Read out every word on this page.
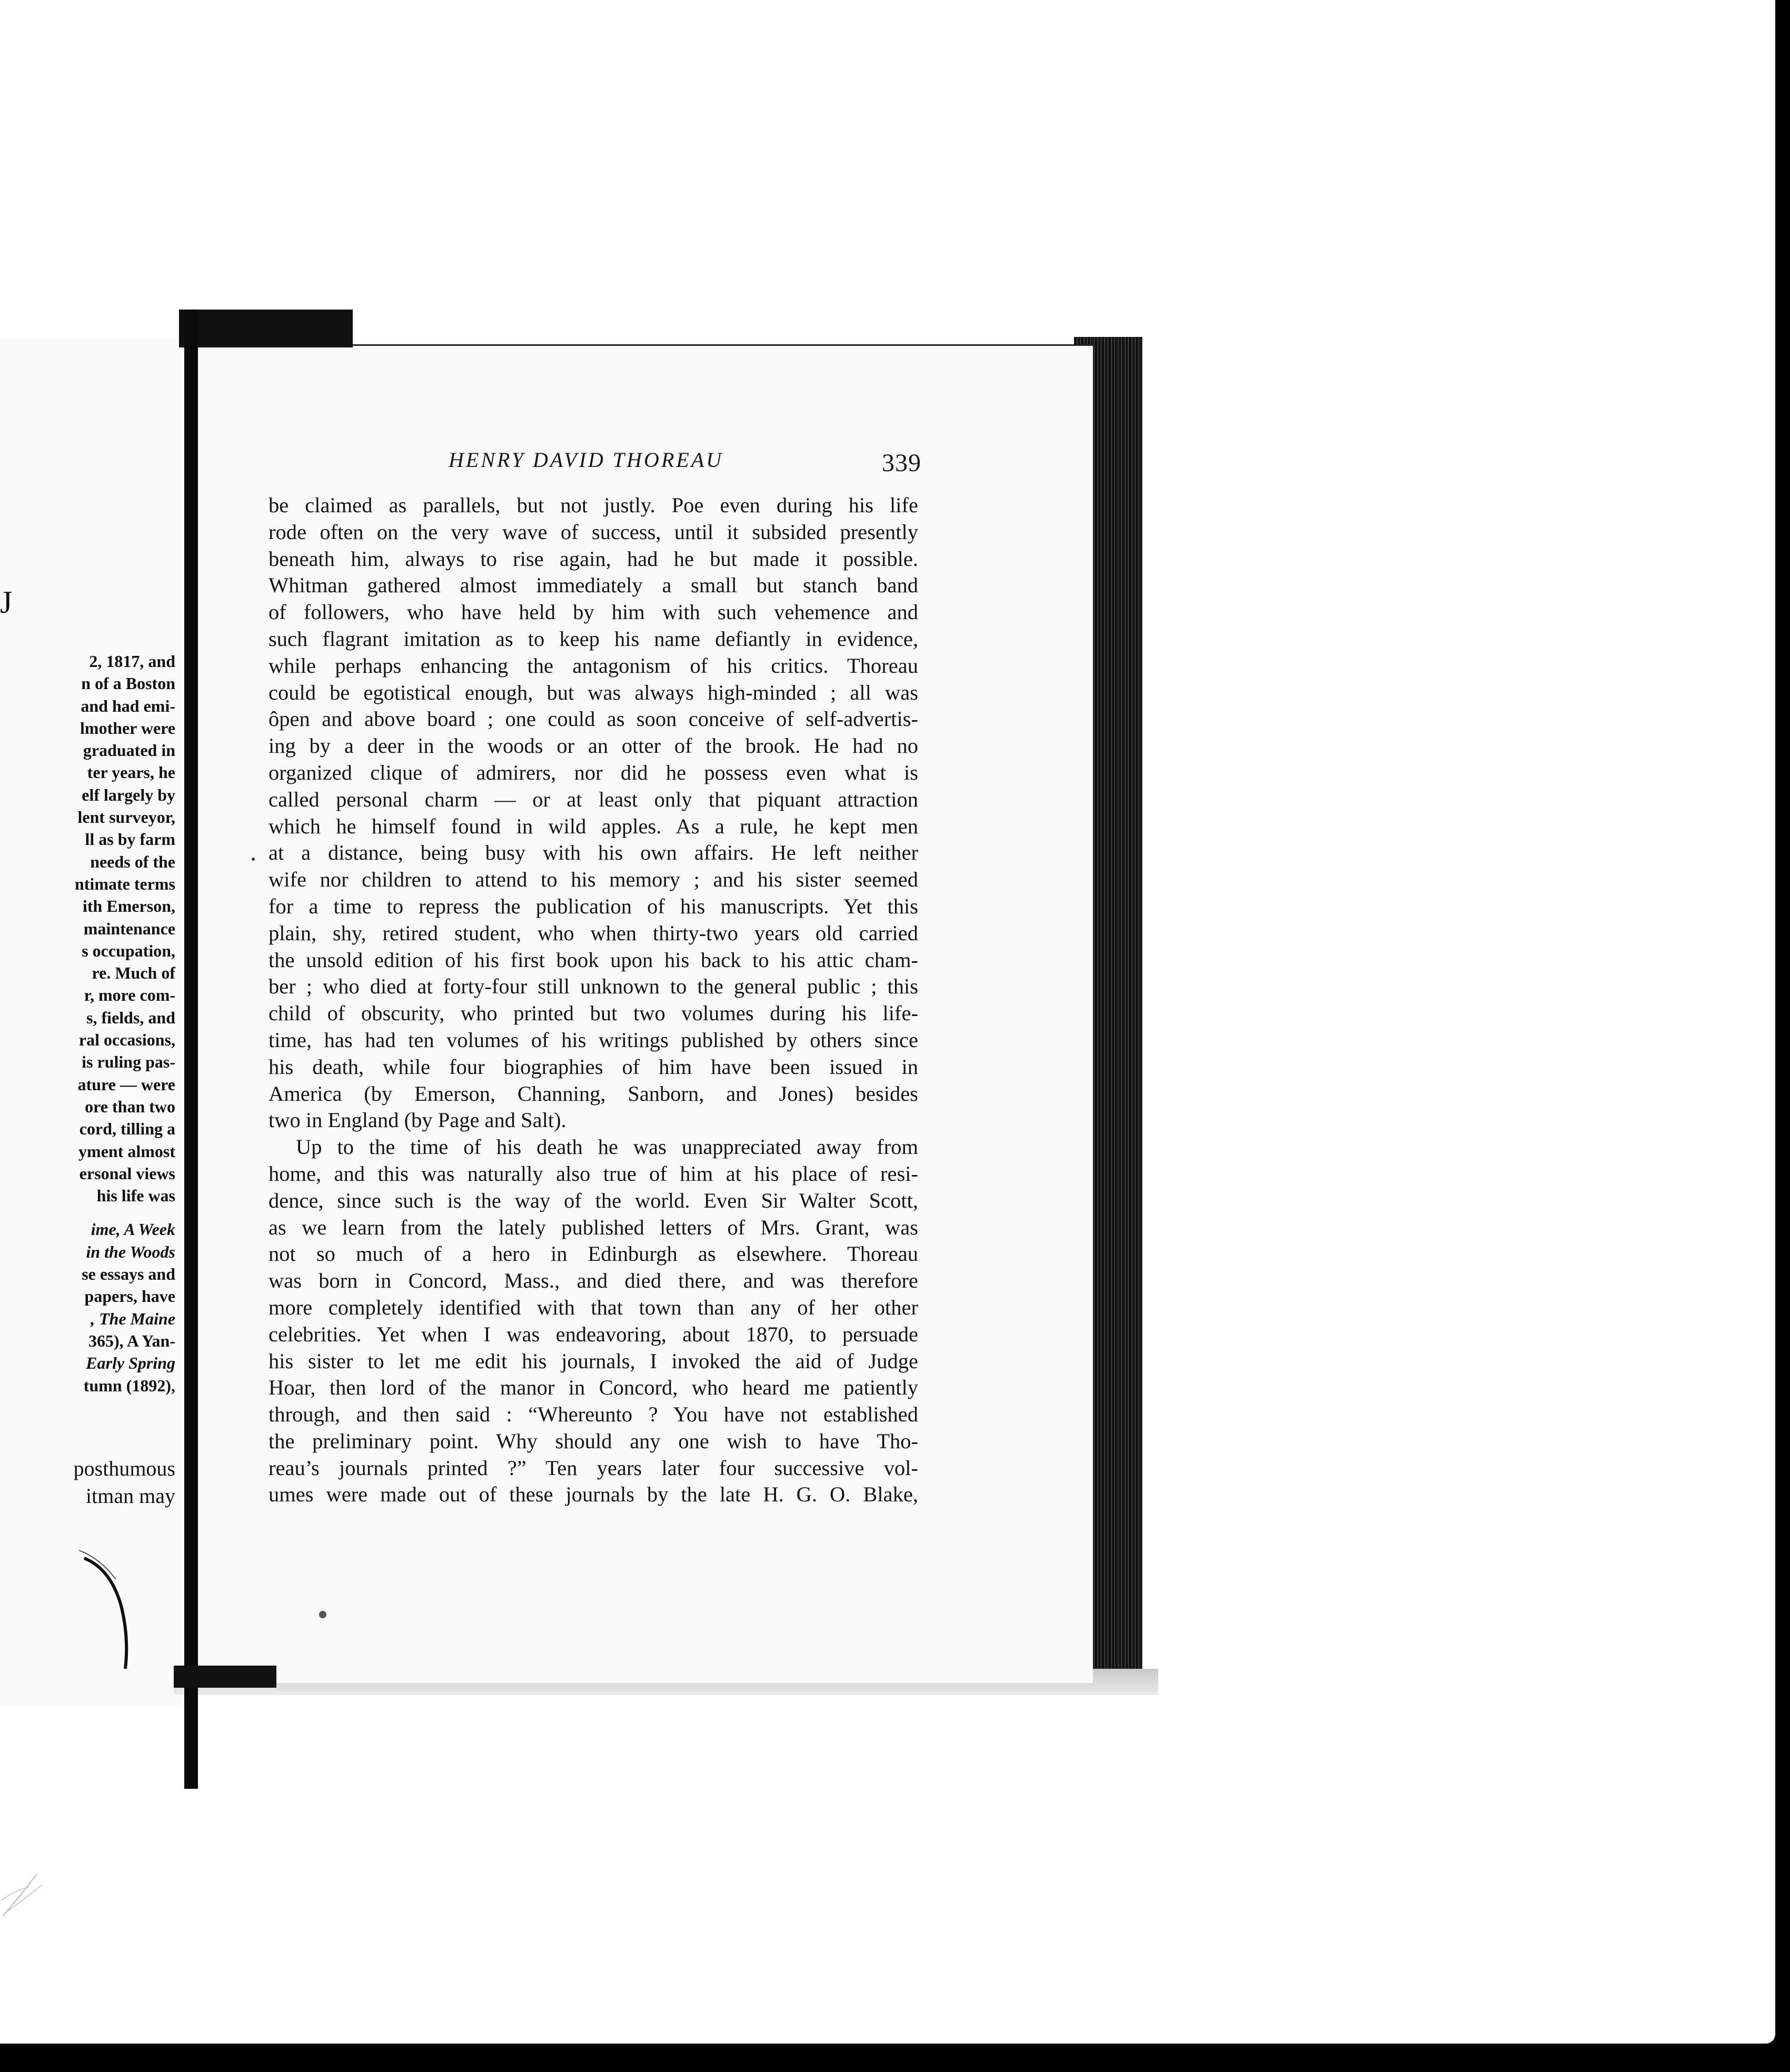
J
2, 1817, and
n of a Boston
and had emi-
lmother were
graduated in
ter years, he
elf largely by
lent surveyor,
ll as by farm
needs of the
ntimate terms
ith Emerson,
maintenance
s occupation,
re. Much of
r, more com-
s, fields, and
ral occasions,
is ruling pas-
ature — were
ore than two
cord, tilling a
yment almost
ersonal views
his life was
ime, A Week
in the Woods
se essays and
papers, have
, The Maine
365), A Yan-
Early Spring
tumn (1892),
posthumous
itman may
HENRY DAVID THOREAU	339
be claimed as parallels, but not justly. Poe even during his life
rode often on the very wave of success, until it subsided presently
beneath him, always to rise again, had he but made it possible.
Whitman gathered almost immediately a small but stanch band
of followers, who have held by him with such vehemence and
such flagrant imitation as to keep his name defiantly in evidence,
while perhaps enhancing the antagonism of his critics. Thoreau
could be egotistical enough, but was always high-minded ; all was
ôpen and above board ; one could as soon conceive of self-advertis-
ing by a deer in the woods or an otter of the brook. He had no
organized clique of admirers, nor did he possess even what is
called personal charm — or at least only that piquant attraction
which he himself found in wild apples. As a rule, he kept men
at a distance, being busy with his own affairs. He left neither
wife nor children to attend to his memory ; and his sister seemed
for a time to repress the publication of his manuscripts. Yet this
plain, shy, retired student, who when thirty-two years old carried
the unsold edition of his first book upon his back to his attic cham-
ber ; who died at forty-four still unknown to the general public ; this
child of obscurity, who printed but two volumes during his life-
time, has had ten volumes of his writings published by others since
his death, while four biographies of him have been issued in
America (by Emerson, Channing, Sanborn, and Jones) besides
two in England (by Page and Salt).
Up to the time of his death he was unappreciated away from
home, and this was naturally also true of him at his place of resi-
dence, since such is the way of the world. Even Sir Walter Scott,
as we learn from the lately published letters of Mrs. Grant, was
not so much of a hero in Edinburgh as elsewhere. Thoreau
was born in Concord, Mass., and died there, and was therefore
more completely identified with that town than any of her other
celebrities. Yet when I was endeavoring, about 1870, to persuade
his sister to let me edit his journals, I invoked the aid of Judge
Hoar, then lord of the manor in Concord, who heard me patiently
through, and then said : “Whereunto ? You have not established
the preliminary point. Why should any one wish to have Tho-
reau’s journals printed ?” Ten years later four successive vol-
umes were made out of these journals by the late H. G. O. Blake,
